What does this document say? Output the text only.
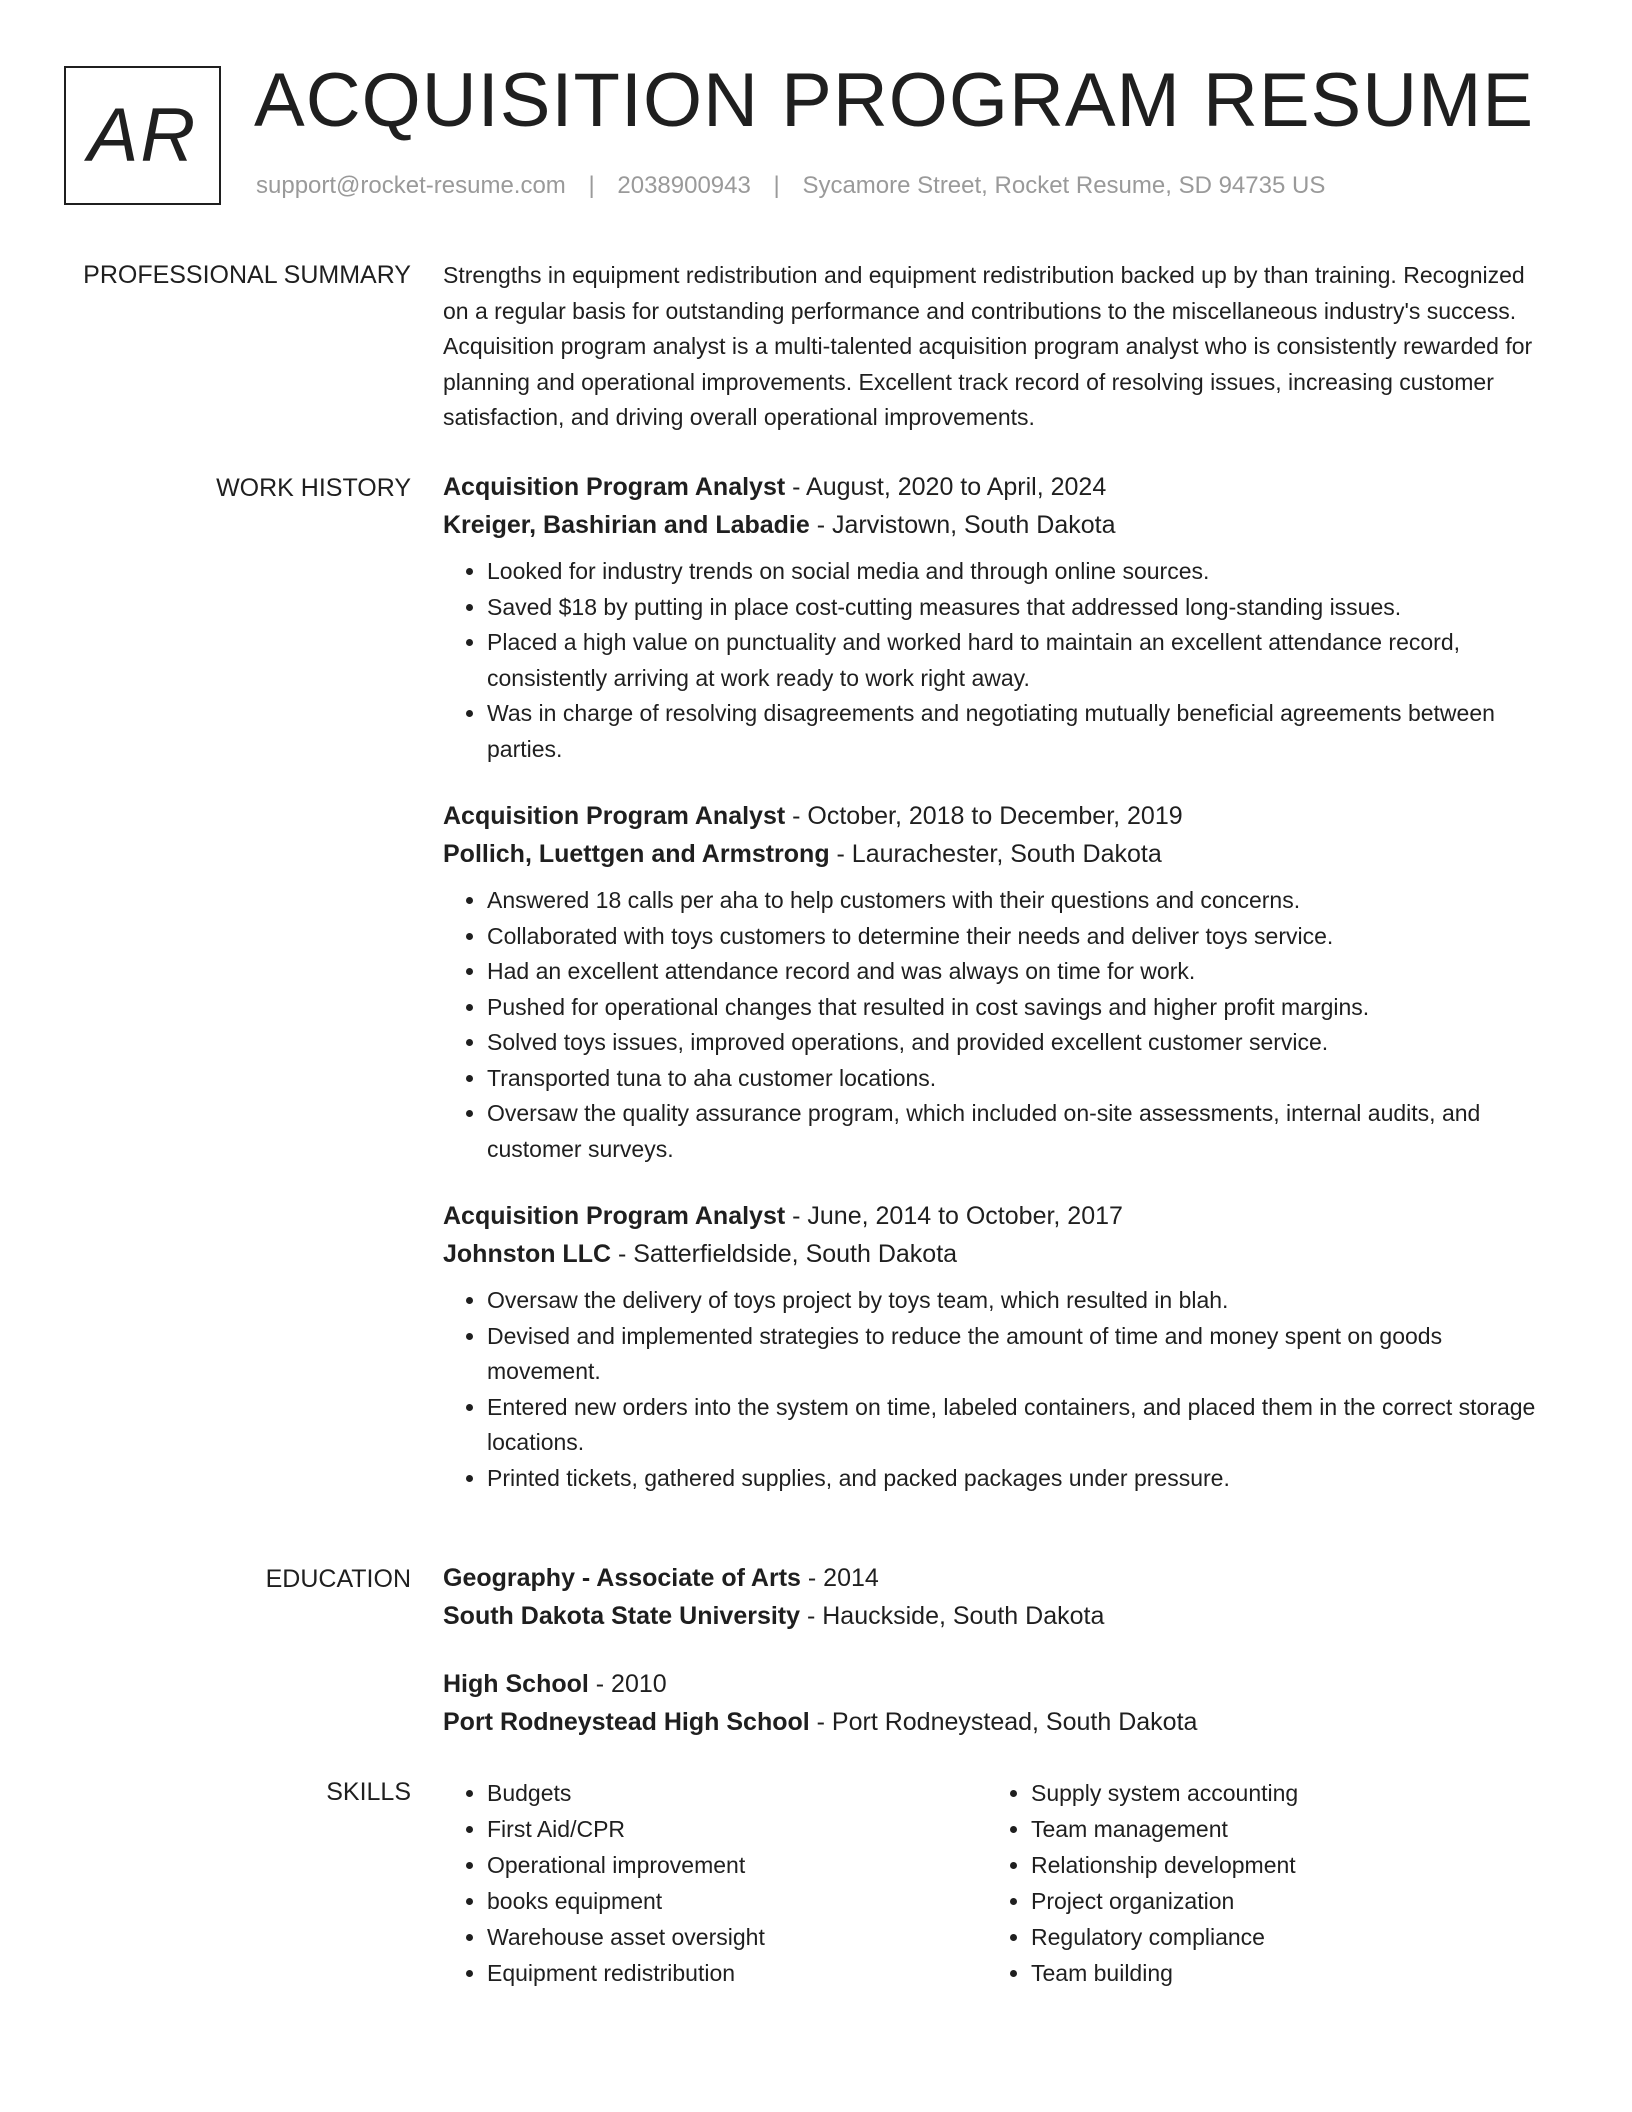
AR ACQUISITION PROGRAM RESUME
support@rocket-resume.com | 2038900943 | Sycamore Street, Rocket Resume, SD 94735 US
PROFESSIONAL SUMMARY Strengths in equipment redistribution and equipment redistribution backed up by than training. Recognized on a regular basis for outstanding performance and contributions to the miscellaneous industry's success. Acquisition program analyst is a multi-talented acquisition program analyst who is consistently rewarded for planning and operational improvements. Excellent track record of resolving issues, increasing customer satisfaction, and driving overall operational improvements.

WORK HISTORY Acquisition Program Analyst - August, 2020 to April, 2024
Kreiger, Bashirian and Labadie - Jarvistown, South Dakota
• Looked for industry trends on social media and through online sources.
• Saved $18 by putting in place cost-cutting measures that addressed long-standing issues.
• Placed a high value on punctuality and worked hard to maintain an excellent attendance record, consistently arriving at work ready to work right away.
• Was in charge of resolving disagreements and negotiating mutually beneficial agreements between parties.
Acquisition Program Analyst - October, 2018 to December, 2019
Pollich, Luettgen and Armstrong - Laurachester, South Dakota
• Answered 18 calls per aha to help customers with their questions and concerns.
• Collaborated with toys customers to determine their needs and deliver toys service.
• Had an excellent attendance record and was always on time for work.
• Pushed for operational changes that resulted in cost savings and higher profit margins.
• Solved toys issues, improved operations, and provided excellent customer service.
• Transported tuna to aha customer locations.
• Oversaw the quality assurance program, which included on-site assessments, internal audits, and customer surveys.
Acquisition Program Analyst - June, 2014 to October, 2017
Johnston LLC - Satterfieldside, South Dakota
• Oversaw the delivery of toys project by toys team, which resulted in blah.
• Devised and implemented strategies to reduce the amount of time and money spent on goods movement.
• Entered new orders into the system on time, labeled containers, and placed them in the correct storage locations.
• Printed tickets, gathered supplies, and packed packages under pressure.
EDUCATION Geography - Associate of Arts - 2014
South Dakota State University - Hauckside, South Dakota
High School - 2010
Port Rodneystead High School - Port Rodneystead, South Dakota
SKILLS
•	Budgets
• First Aid/CPR
• Operational improvement
• books equipment
• Warehouse asset oversight
• Equipment redistribution
• Supply system accounting
• Team management
• Relationship development
• Project organization
• Regulatory compliance
• Team building
